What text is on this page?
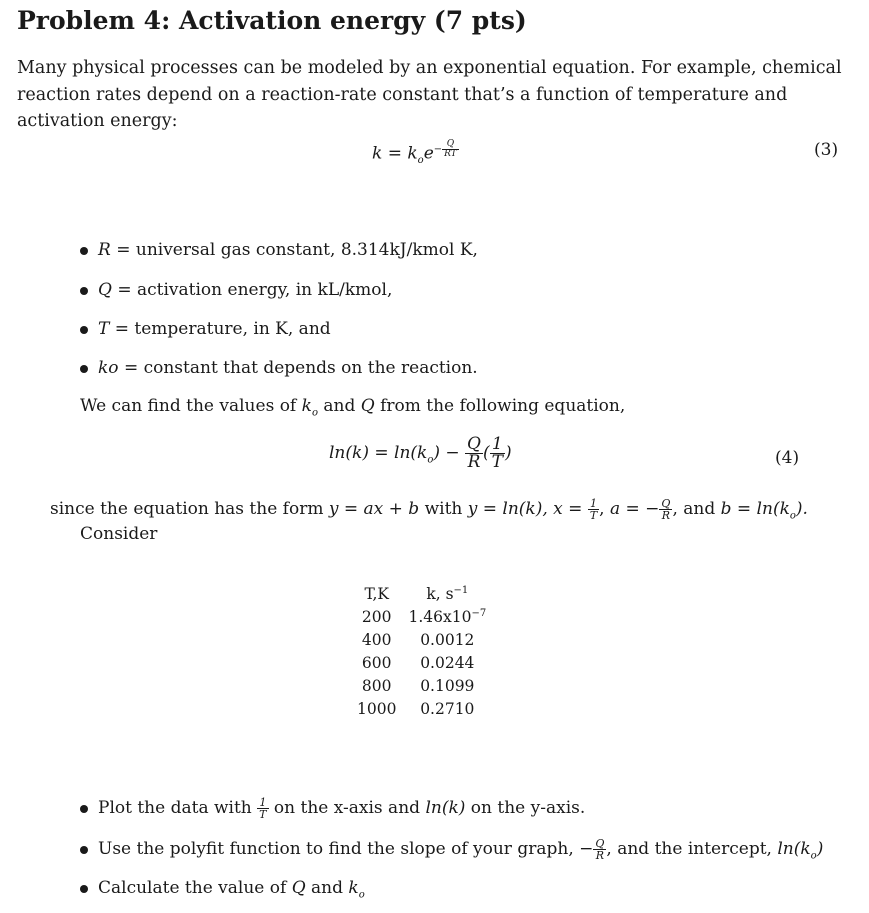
Problem 4: Activation energy (7 pts)
Many physical processes can be modeled by an exponential equation. For example, chemical
reaction rates depend on a reaction-rate constant that’s a function of temperature and
activation energy:
$k = k_oe^{- \frac{Q}{RT}}$	(3)
R = universal gas constant, 8.314kJ/kmol K,
Q = activation energy, in kL/kmol,
T = temperature, in K, and
ko = constant that depends on the reaction.
We can find the values of $k_o$ and Q from the following equation,
$\ln(k) = \ln(k_o) - \frac{Q}{R}$ ( $\frac{1}{T}$ )	(4)
since the equation has the form y = ax + b with y = ln(k), $x = \frac{1}{T}$ , a = − $\frac{Q}{R}$ , and $b = \ln(k_o)$.
Consider
T,K	k, $s^{-1}$
200	$1.46x10^{-7}$
400	0.0012
600	0.0244
800	0.1099
1000	0.2710
Plot the data with $\frac{1}{T}$ on the x-axis and ln(k) on the y-axis.
Use the polyfit function to find the slope of your graph, − $\frac{Q}{R}$ , and the intercept, $\ln(k_o)$
Calculate the value of Q and $k_o$
